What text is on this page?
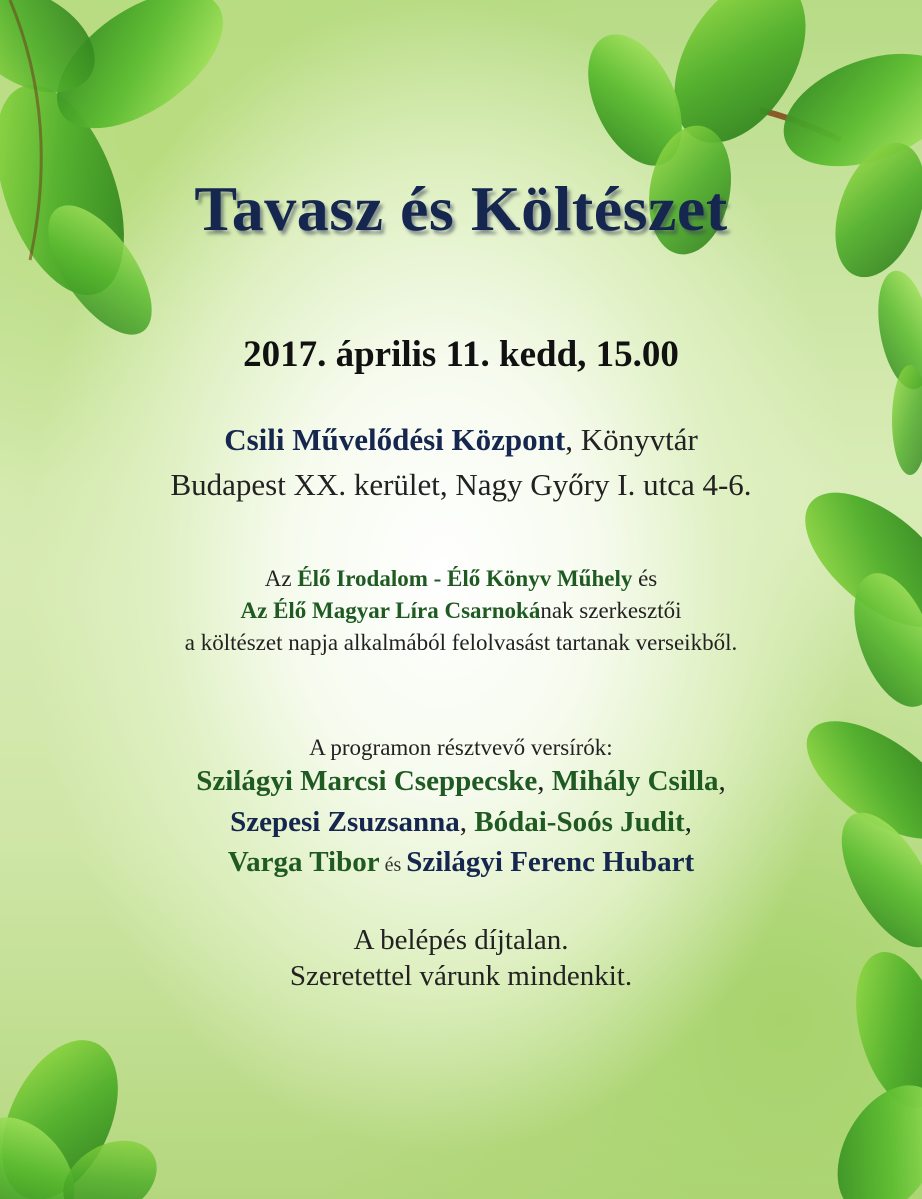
Tavasz és Költészet
2017. április 11. kedd, 15.00
Csili Művelődési Központ, Könyvtár
Budapest XX. kerület, Nagy Győry I. utca 4-6.
Az Élő Irodalom - Élő Könyv Műhely és
Az Élő Magyar Líra Csarnokának szerkesztői
a költészet napja alkalmából felolvasást tartanak verseikből.
A programon résztvevő versírók:
Szilágyi Marcsi Cseppecske, Mihály Csilla,
Szepesi Zsuzsanna, Bódai-Soós Judit,
Varga Tibor és Szilágyi Ferenc Hubart
A belépés díjtalan.
Szeretettel várunk mindenkit.
